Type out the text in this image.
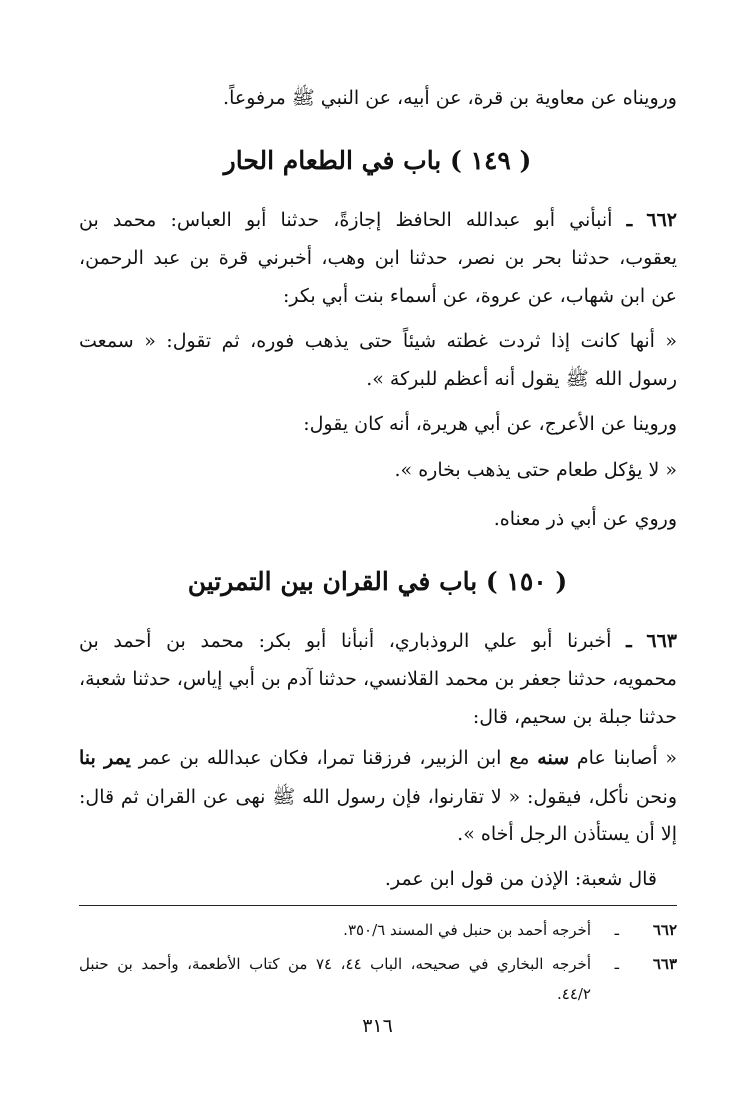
ورويناه عن معاوية بن قرة، عن أبيه، عن النبي ﷺ مرفوعاً.
( ١٤٩ ) باب في الطعام الحار
٦٦٢ ـ أنبأني أبو عبدالله الحافظ إجازةً، حدثنا أبو العباس: محمد بن
يعقوب، حدثنا بحر بن نصر، حدثنا ابن وهب، أخبرني قرة بن عبد الرحمن،
عن ابن شهاب، عن عروة، عن أسماء بنت أبي بكر:
« أنها كانت إذا ثردت غطته شيئاً حتى يذهب فوره، ثم تقول: « سمعت
رسول الله ﷺ يقول أنه أعظم للبركة ».
وروينا عن الأعرج، عن أبي هريرة، أنه كان يقول:
« لا يؤكل طعام حتى يذهب بخاره ».
وروي عن أبي ذر معناه.
( ١٥٠ ) باب في القران بين التمرتين
٦٦٣ ـ أخبرنا أبو علي الروذباري، أنبأنا أبو بكر: محمد بن أحمد بن
محمويه، حدثنا جعفر بن محمد القلانسي، حدثنا آدم بن أبي إياس، حدثنا شعبة،
حدثنا جبلة بن سحيم، قال:
« أصابنا عام سنه مع ابن الزبير، فرزقنا تمرا، فكان عبدالله بن عمر يمر بنا
ونحن نأكل، فيقول: « لا تقارنوا، فإن رسول الله ﷺ نهى عن القران ثم قال:
إلا أن يستأذن الرجل أخاه ».
قال شعبة: الإذن من قول ابن عمر.
٦٦٢
ـ
أخرجه أحمد بن حنبل في المسند ٣٥٠/٦.
٦٦٣
ـ
أخرجه البخاري في صحيحه، الباب ٤٤، ٧٤ من كتاب الأطعمة، وأحمد بن حنبل
٤٤/٢.
٣١٦
